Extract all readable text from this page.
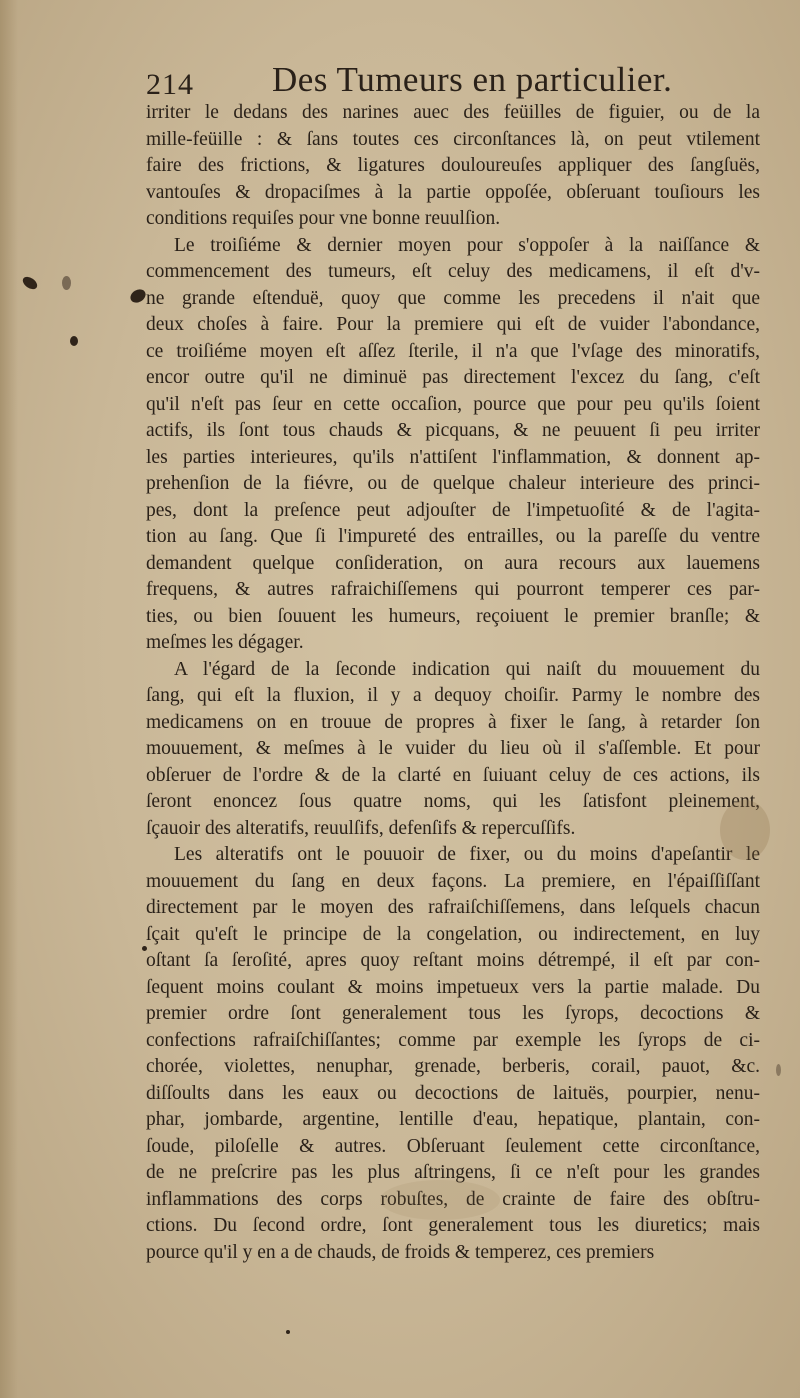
214 Des Tumeurs en particulier.
irriter le dedans des narines auec des feüilles de figuier, ou de la
mille-feüille : & ſans toutes ces circonſtances là, on peut vtilement
faire des frictions, & ligatures douloureuſes appliquer des ſangſuës,
vantouſes & dropaciſmes à la partie oppoſée, obſeruant touſiours les
conditions requiſes pour vne bonne reuulſion.
Le troiſiéme & dernier moyen pour s'oppoſer à la naiſſance &
commencement des tumeurs, eſt celuy des medicamens, il eſt d'v-
ne grande eſtenduë, quoy que comme les precedens il n'ait que
deux choſes à faire. Pour la premiere qui eſt de vuider l'abondance,
ce troiſiéme moyen eſt aſſez ſterile, il n'a que l'vſage des minoratifs,
encor outre qu'il ne diminuë pas directement l'excez du ſang, c'eſt
qu'il n'eſt pas ſeur en cette occaſion, pource que pour peu qu'ils ſoient
actifs, ils ſont tous chauds & picquans, & ne peuuent ſi peu irriter
les parties interieures, qu'ils n'attiſent l'inflammation, & donnent ap-
prehenſion de la fiévre, ou de quelque chaleur interieure des princi-
pes, dont la preſence peut adjouſter de l'impetuoſité & de l'agita-
tion au ſang. Que ſi l'impureté des entrailles, ou la pareſſe du ventre
demandent quelque conſideration, on aura recours aux lauemens
frequens, & autres rafraichiſſemens qui pourront temperer ces par-
ties, ou bien ſouuent les humeurs, reçoiuent le premier branſle; &
meſmes les dégager.
A l'égard de la ſeconde indication qui naiſt du mouuement du
ſang, qui eſt la fluxion, il y a dequoy choiſir. Parmy le nombre des
medicamens on en trouue de propres à fixer le ſang, à retarder ſon
mouuement, & meſmes à le vuider du lieu où il s'aſſemble. Et pour
obſeruer de l'ordre & de la clarté en ſuiuant celuy de ces actions, ils
ſeront enoncez ſous quatre noms, qui les ſatisfont pleinement,
ſçauoir des alteratifs, reuulſifs, defenſifs & repercuſſifs.
Les alteratifs ont le pouuoir de fixer, ou du moins d'apeſantir le
mouuement du ſang en deux façons. La premiere, en l'épaiſſiſſant
directement par le moyen des rafraiſchiſſemens, dans leſquels chacun
ſçait qu'eſt le principe de la congelation, ou indirectement, en luy
oſtant ſa ſeroſité, apres quoy reſtant moins détrempé, il eſt par con-
ſequent moins coulant & moins impetueux vers la partie malade. Du
premier ordre ſont generalement tous les ſyrops, decoctions &
confections rafraiſchiſſantes; comme par exemple les ſyrops de ci-
chorée, violettes, nenuphar, grenade, berberis, corail, pauot, &c.
diſſoults dans les eaux ou decoctions de laituës, pourpier, nenu-
phar, jombarde, argentine, lentille d'eau, hepatique, plantain, con-
ſoude, piloſelle & autres. Obſeruant ſeulement cette circonſtance,
de ne preſcrire pas les plus aſtringens, ſi ce n'eſt pour les grandes
inflammations des corps robuſtes, de crainte de faire des obſtru-
ctions. Du ſecond ordre, ſont generalement tous les diuretics; mais
pource qu'il y en a de chauds, de froids & temperez, ces premiers
